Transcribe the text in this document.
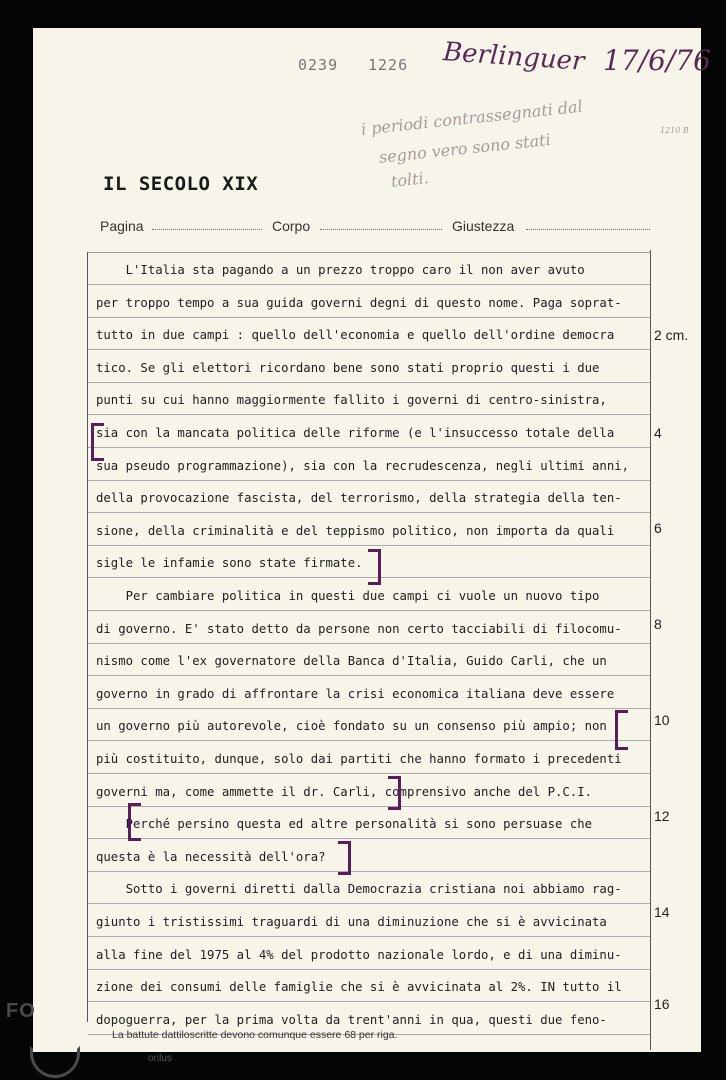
0239 1226 Berlinguer 17/6/76
i periodi contrassegnati dal
segno vero sono stati
tolti.
1210 B
IL SECOLO XIX
Pagina	Corpo	Giustezza
L'Italia sta pagando a un prezzo troppo caro il non aver avuto
per troppo tempo a sua guida governi degni di questo nome. Paga soprat-
tutto in due campi : quello dell'economia e quello dell'ordine democra
tico. Se gli elettori ricordano bene sono stati proprio questi i due
punti su cui hanno maggiormente fallito i governi di centro-sinistra,
sia con la mancata politica delle riforme (e l'insuccesso totale della
sua pseudo programmazione), sia con la recrudescenza, negli ultimi anni,
della provocazione fascista, del terrorismo, della strategia della ten-
sione, della criminalità e del teppismo politico, non importa da quali
sigle le infamie sono state firmate.
Per cambiare politica in questi due campi ci vuole un nuovo tipo
di governo. E' stato detto da persone non certo tacciabili di filocomu-
nismo come l'ex governatore della Banca d'Italia, Guido Carli, che un
governo in grado di affrontare la crisi economica italiana deve essere
un governo più autorevole, cioè fondato su un consenso più ampio; non
più costituito, dunque, solo dai partiti che hanno formato i precedenti
governi ma, come ammette il dr. Carli, comprensivo anche del P.C.I.
Perché persino questa ed altre personalità si sono persuase che
questa è la necessità dell'ora?
Sotto i governi diretti dalla Democrazia cristiana noi abbiamo rag-
giunto i tristissimi traguardi di una diminuzione che si è avvicinata
alla fine del 1975 al 4% del prodotto nazionale lordo, e di una diminu-
zione dei consumi delle famiglie che si è avvicinata al 2%. IN tutto il
dopoguerra, per la prima volta da trent'anni in qua, questi due feno-
2 cm.
4
6
8
10
12
14
16
La battute dattiloscritte devono comunque essere 68 per riga.
FO
onlus
